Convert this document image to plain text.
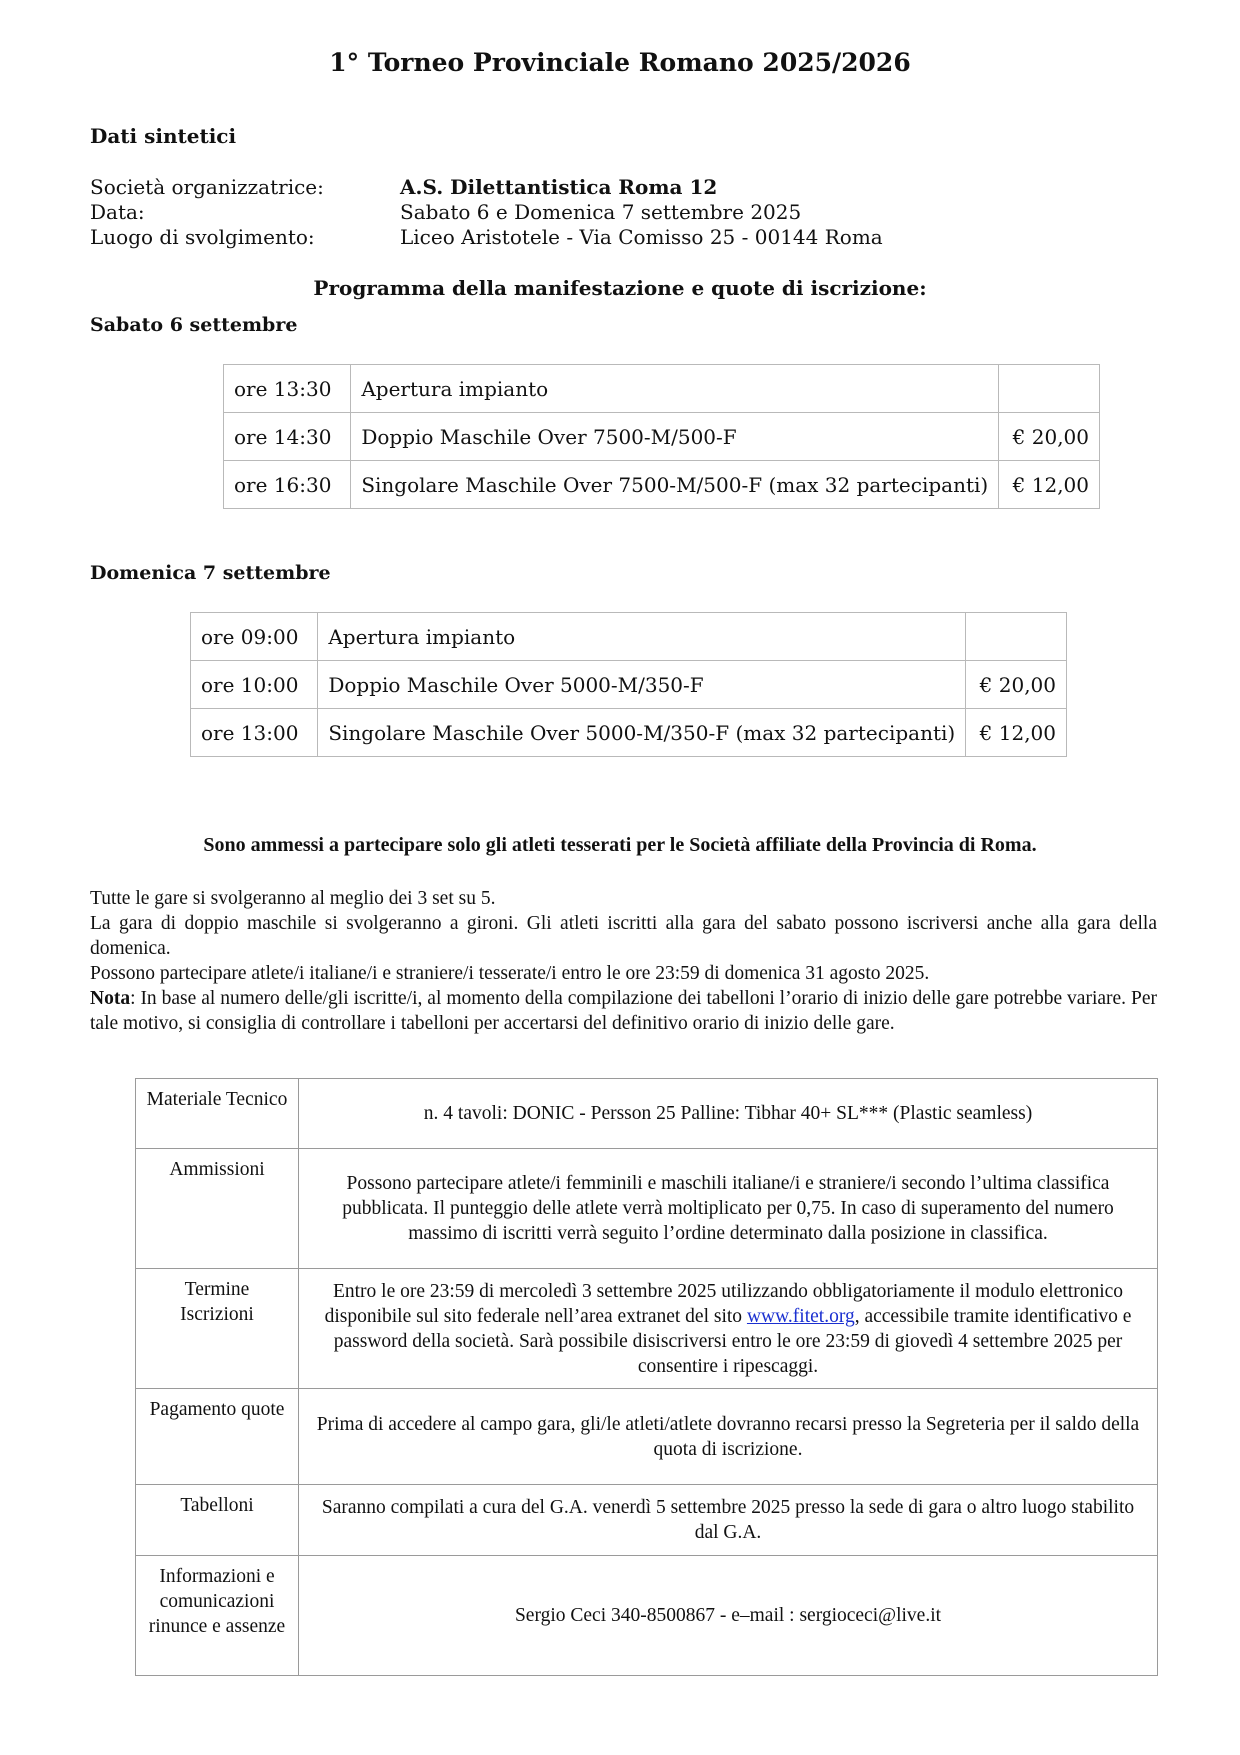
1° Torneo Provinciale Romano 2025/2026
Dati sintetici
Società organizzatrice:	A.S. Dilettantistica Roma 12
Data:	Sabato 6 e Domenica 7 settembre 2025
Luogo di svolgimento:	Liceo Aristotele - Via Comisso 25 - 00144 Roma
Programma della manifestazione e quote di iscrizione:
Sabato 6 settembre
ore 13:30	Apertura impianto	
ore 14:30	Doppio Maschile Over 7500-M/500-F	€ 20,00
ore 16:30	Singolare Maschile Over 7500-M/500-F (max 32 partecipanti)	€ 12,00
Domenica 7 settembre
ore 09:00	Apertura impianto	
ore 10:00	Doppio Maschile Over 5000-M/350-F	€ 20,00
ore 13:00	Singolare Maschile Over 5000-M/350-F (max 32 partecipanti)	€ 12,00
Sono ammessi a partecipare solo gli atleti tesserati per le Società affiliate della Provincia di Roma.

Tutte le gare si svolgeranno al meglio dei 3 set su 5.

La gara di doppio maschile si svolgeranno a gironi. Gli atleti iscritti alla gara del sabato possono iscriversi anche alla gara della domenica.

Possono partecipare atlete/i italiane/i e straniere/i tesserate/i entro le ore 23:59 di domenica 31 agosto 2025.

Nota: In base al numero delle/gli iscritte/i, al momento della compilazione dei tabelloni l’orario di inizio delle gare potrebbe variare. Per tale motivo, si consiglia di controllare i tabelloni per accertarsi del definitivo orario di inizio delle gare.

Materiale Tecnico	n. 4 tavoli: DONIC - Persson 25 Palline: Tibhar 40+ SL*** (Plastic seamless)
Ammissioni	Possono partecipare atlete/i femminili e maschili italiane/i e straniere/i secondo l’ultima classifica pubblicata. Il punteggio delle atlete verrà moltiplicato per 0,75. In caso di superamento del numero massimo di iscritti verrà seguito l’ordine determinato dalla posizione in classifica.
Termine Iscrizioni	Entro le ore 23:59 di mercoledì 3 settembre 2025 utilizzando obbligatoriamente il modulo elettronico disponibile sul sito federale nell’area extranet del sito www.fitet.org, accessibile tramite identificativo e password della società. Sarà possibile disiscriversi entro le ore 23:59 di giovedì 4 settembre 2025 per consentire i ripescaggi.
Pagamento quote	Prima di accedere al campo gara, gli/le atleti/atlete dovranno recarsi presso la Segreteria per il saldo della quota di iscrizione.
Tabelloni	Saranno compilati a cura del G.A. venerdì 5 settembre 2025 presso la sede di gara o altro luogo stabilito dal G.A.
Informazioni e comunicazioni rinunce e assenze	Sergio Ceci 340-8500867 - e–mail : sergioceci@live.it
